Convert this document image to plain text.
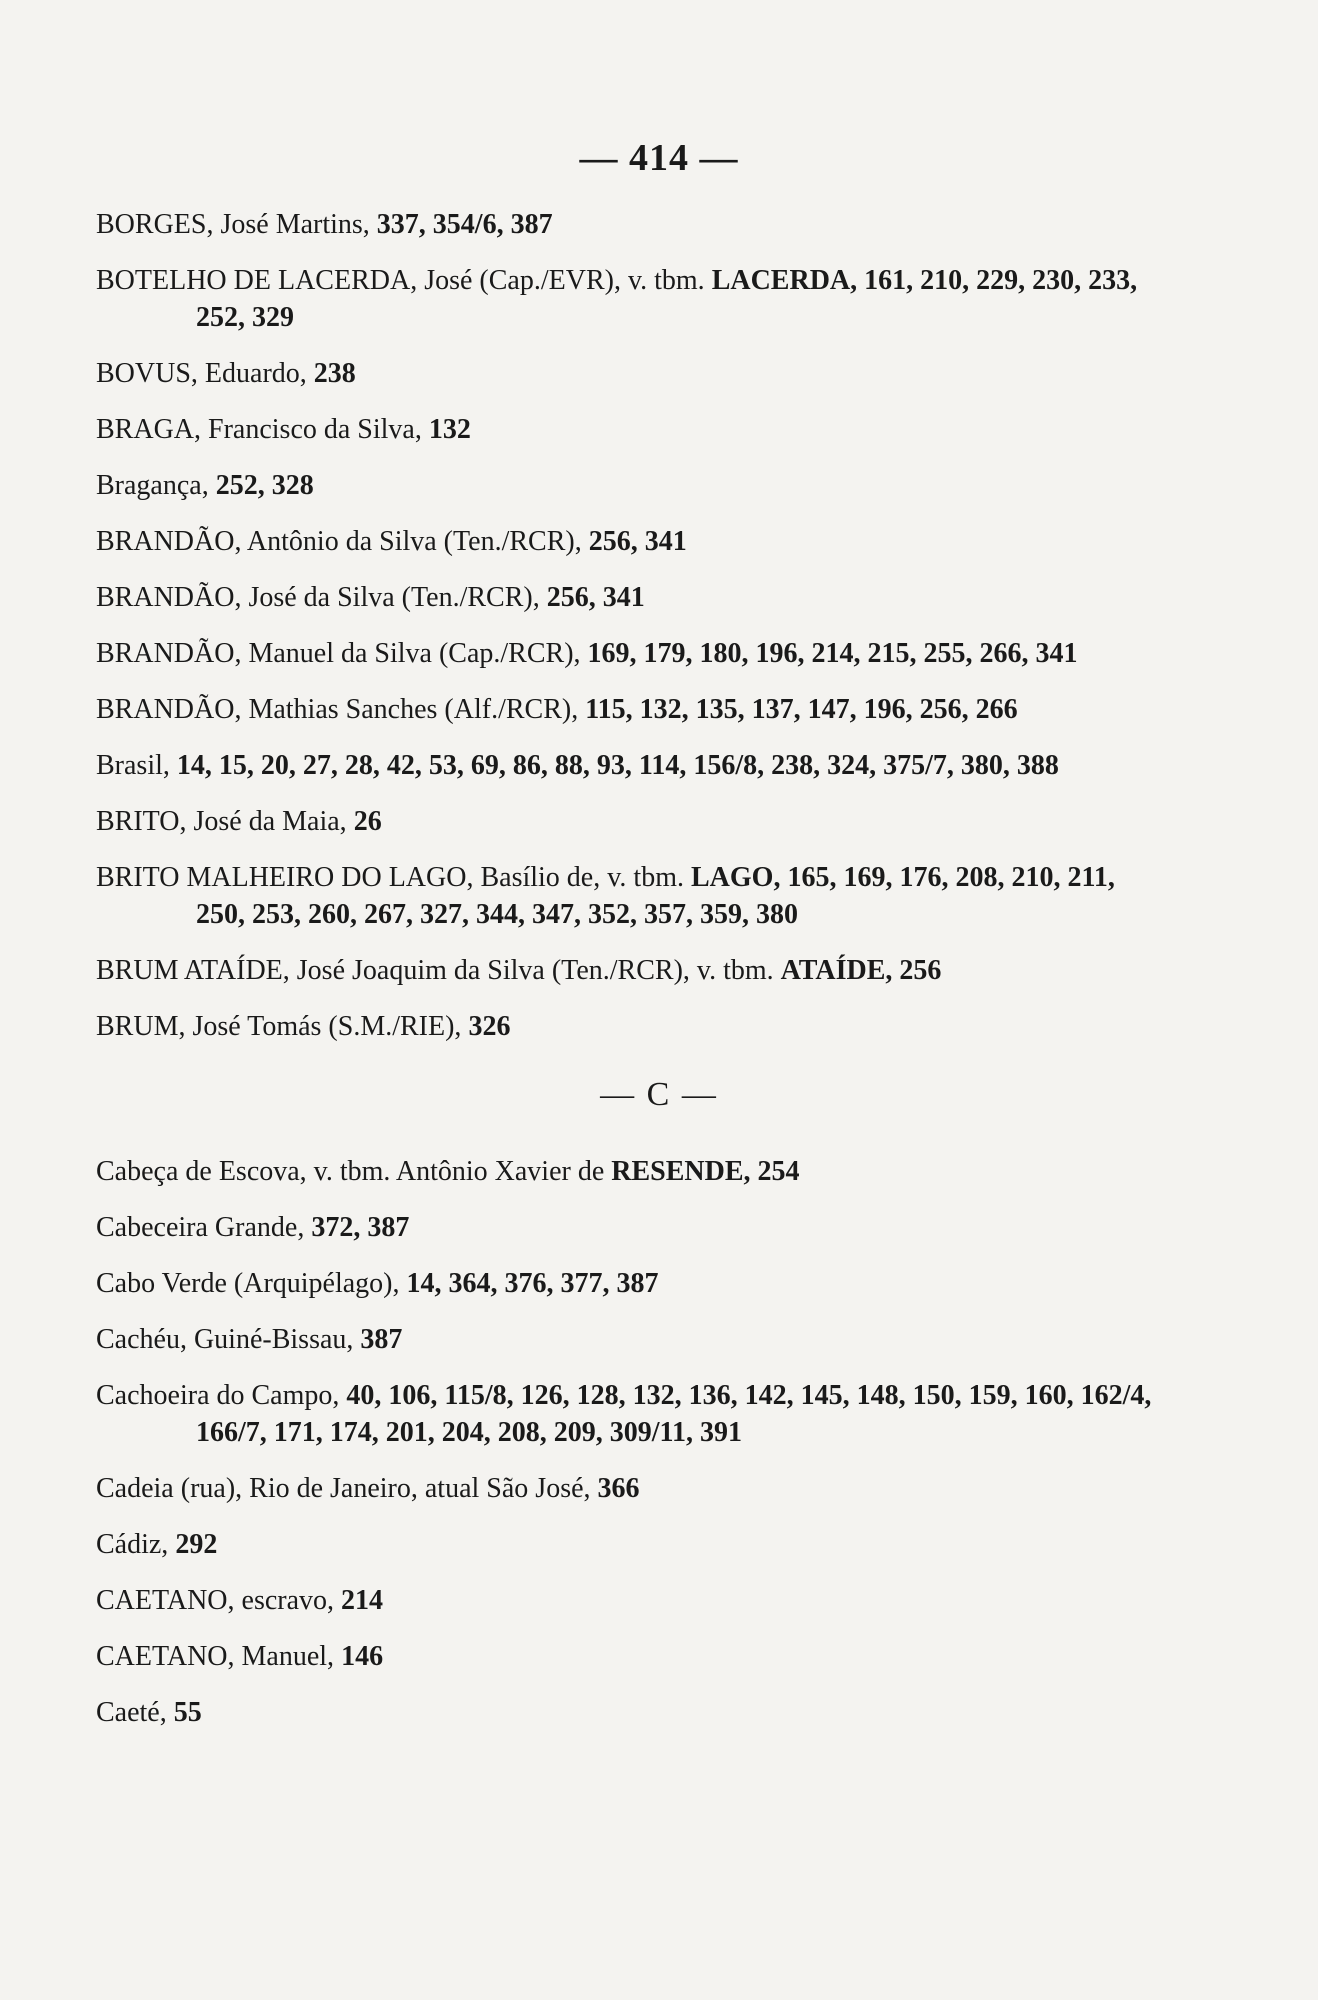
— 414 —

BORGES, José Martins, 337, 354/6, 387

BOTELHO DE LACERDA, José (Cap./EVR), v. tbm. LACERDA, 161, 210, 229, 230, 233, 252, 329

BOVUS, Eduardo, 238

BRAGA, Francisco da Silva, 132

Bragança, 252, 328

BRANDÃO, Antônio da Silva (Ten./RCR), 256, 341

BRANDÃO, José da Silva (Ten./RCR), 256, 341

BRANDÃO, Manuel da Silva (Cap./RCR), 169, 179, 180, 196, 214, 215, 255, 266, 341

BRANDÃO, Mathias Sanches (Alf./RCR), 115, 132, 135, 137, 147, 196, 256, 266

Brasil, 14, 15, 20, 27, 28, 42, 53, 69, 86, 88, 93, 114, 156/8, 238, 324, 375/7, 380, 388

BRITO, José da Maia, 26

BRITO MALHEIRO DO LAGO, Basílio de, v. tbm. LAGO, 165, 169, 176, 208, 210, 211, 250, 253, 260, 267, 327, 344, 347, 352, 357, 359, 380

BRUM ATAÍDE, José Joaquim da Silva (Ten./RCR), v. tbm. ATAÍDE, 256

BRUM, José Tomás (S.M./RIE), 326

— C —

Cabeça de Escova, v. tbm. Antônio Xavier de RESENDE, 254

Cabeceira Grande, 372, 387

Cabo Verde (Arquipélago), 14, 364, 376, 377, 387

Cachéu, Guiné-Bissau, 387

Cachoeira do Campo, 40, 106, 115/8, 126, 128, 132, 136, 142, 145, 148, 150, 159, 160, 162/4, 166/7, 171, 174, 201, 204, 208, 209, 309/11, 391

Cadeia (rua), Rio de Janeiro, atual São José, 366

Cádiz, 292

CAETANO, escravo, 214

CAETANO, Manuel, 146

Caeté, 55
